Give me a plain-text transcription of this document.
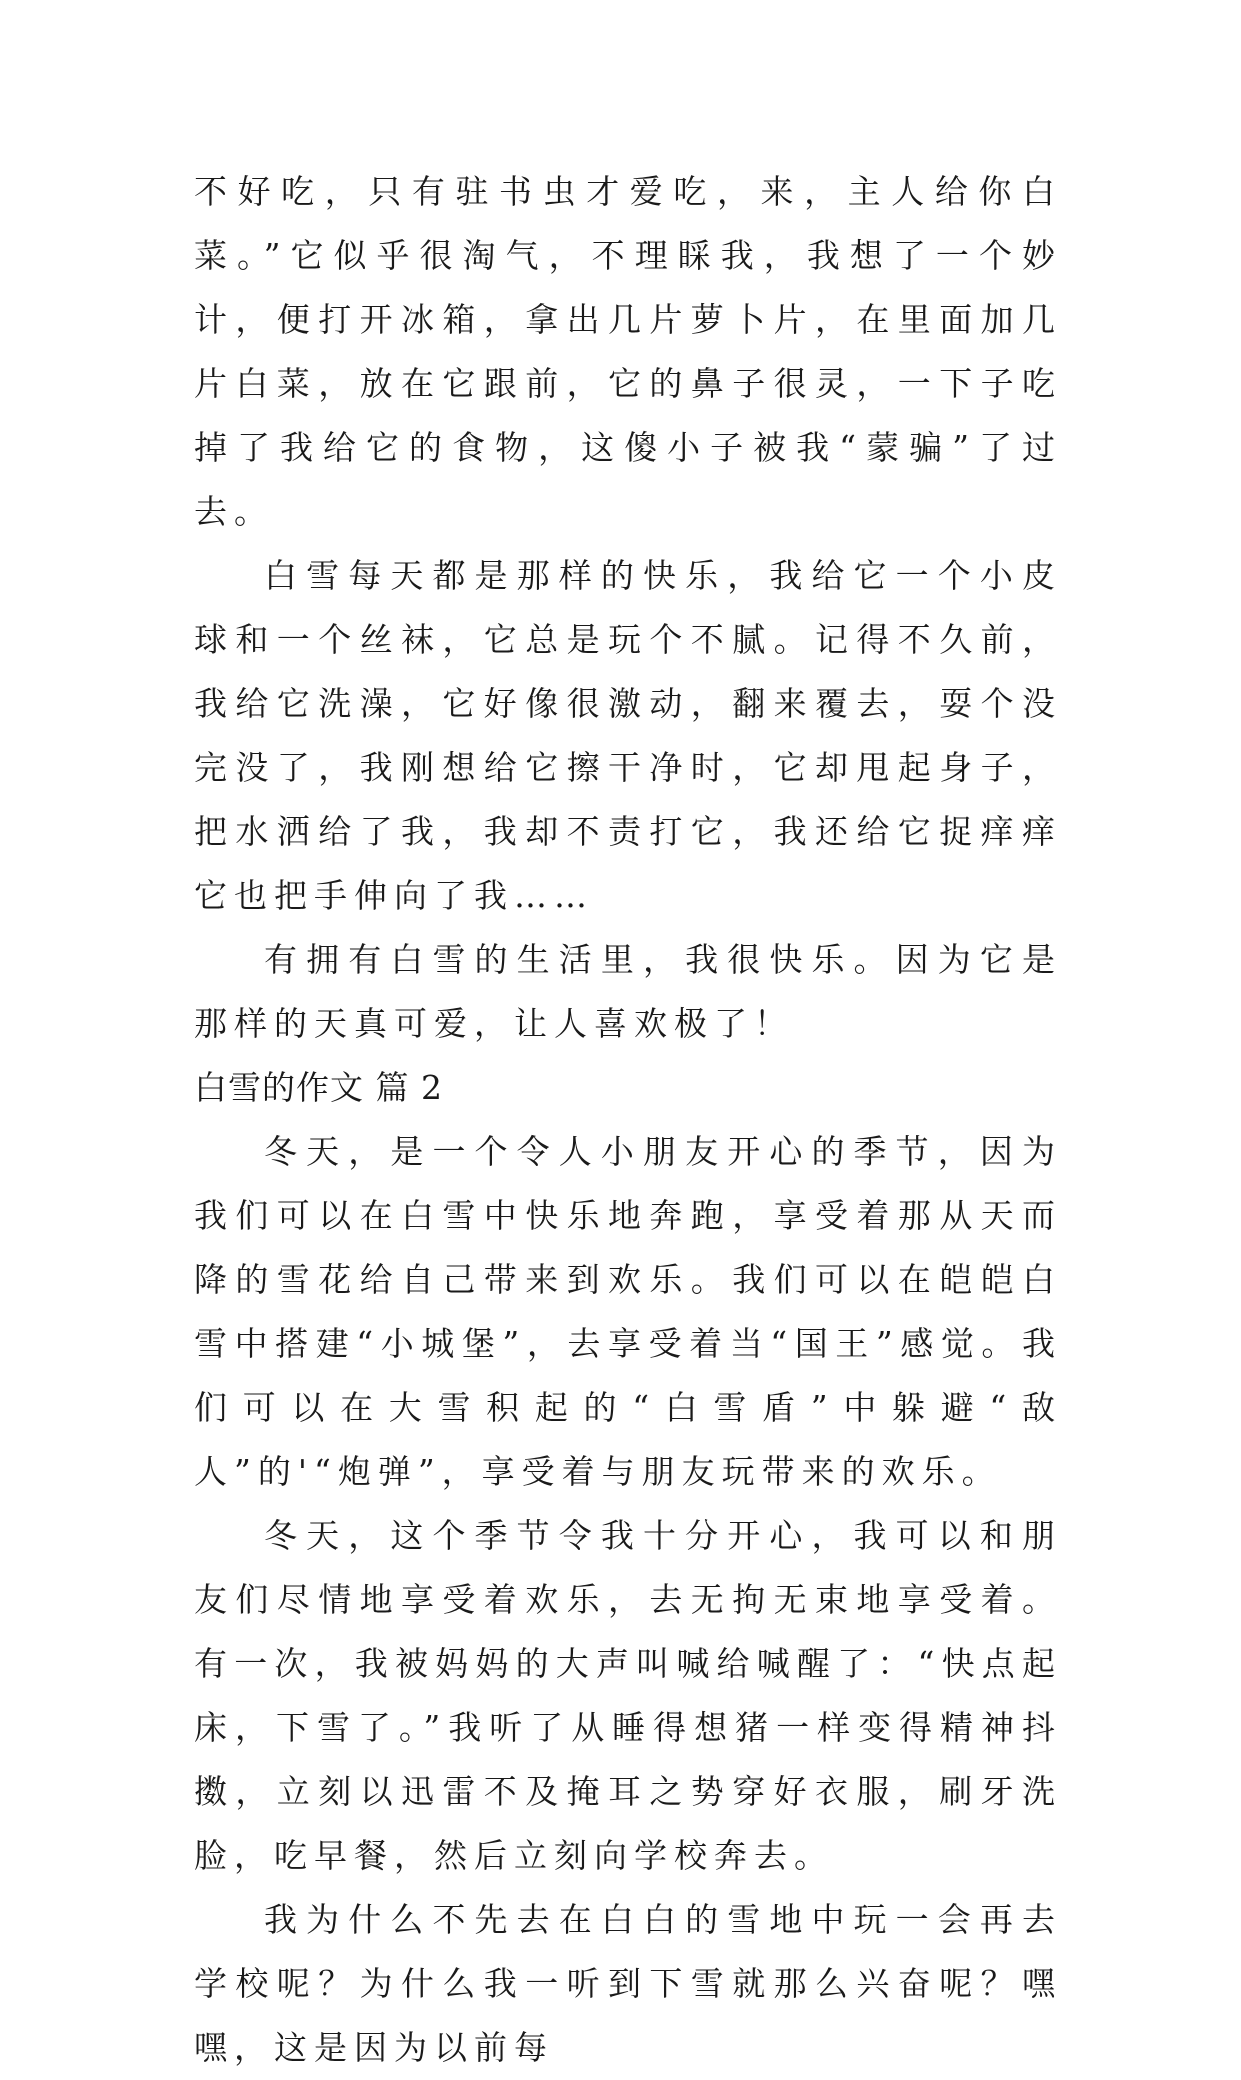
不好吃，只有驻书虫才爱吃，来，主人给你白菜。”它似乎很淘气，不理睬我，我想了一个妙计，便打开冰箱，拿出几片萝卜片，在里面加几片白菜，放在它跟前，它的鼻子很灵，一下子吃掉了我给它的食物，这傻小子被我“蒙骗”了过去。

白雪每天都是那样的快乐，我给它一个小皮球和一个丝袜，它总是玩个不腻。记得不久前，我给它洗澡，它好像很激动，翻来覆去，耍个没完没了，我刚想给它擦干净时，它却甩起身子，把水洒给了我，我却不责打它，我还给它捉痒痒它也把手伸向了我……

有拥有白雪的生活里，我很快乐。因为它是那样的天真可爱，让人喜欢极了！

白雪的作文 篇 2

冬天，是一个令人小朋友开心的季节，因为我们可以在白雪中快乐地奔跑，享受着那从天而降的雪花给自己带来到欢乐。我们可以在皑皑白雪中搭建“小城堡”，去享受着当“国王”感觉。我们可以在大雪积起的“白雪盾”中躲避“敌人”的'“炮弹”，享受着与朋友玩带来的欢乐。

冬天，这个季节令我十分开心，我可以和朋友们尽情地享受着欢乐，去无拘无束地享受着。有一次，我被妈妈的大声叫喊给喊醒了：“快点起床，下雪了。”我听了从睡得想猪一样变得精神抖擞，立刻以迅雷不及掩耳之势穿好衣服，刷牙洗脸，吃早餐，然后立刻向学校奔去。

我为什么不先去在白白的雪地中玩一会再去学校呢？为什么我一听到下雪就那么兴奋呢？嘿嘿，这是因为以前每
